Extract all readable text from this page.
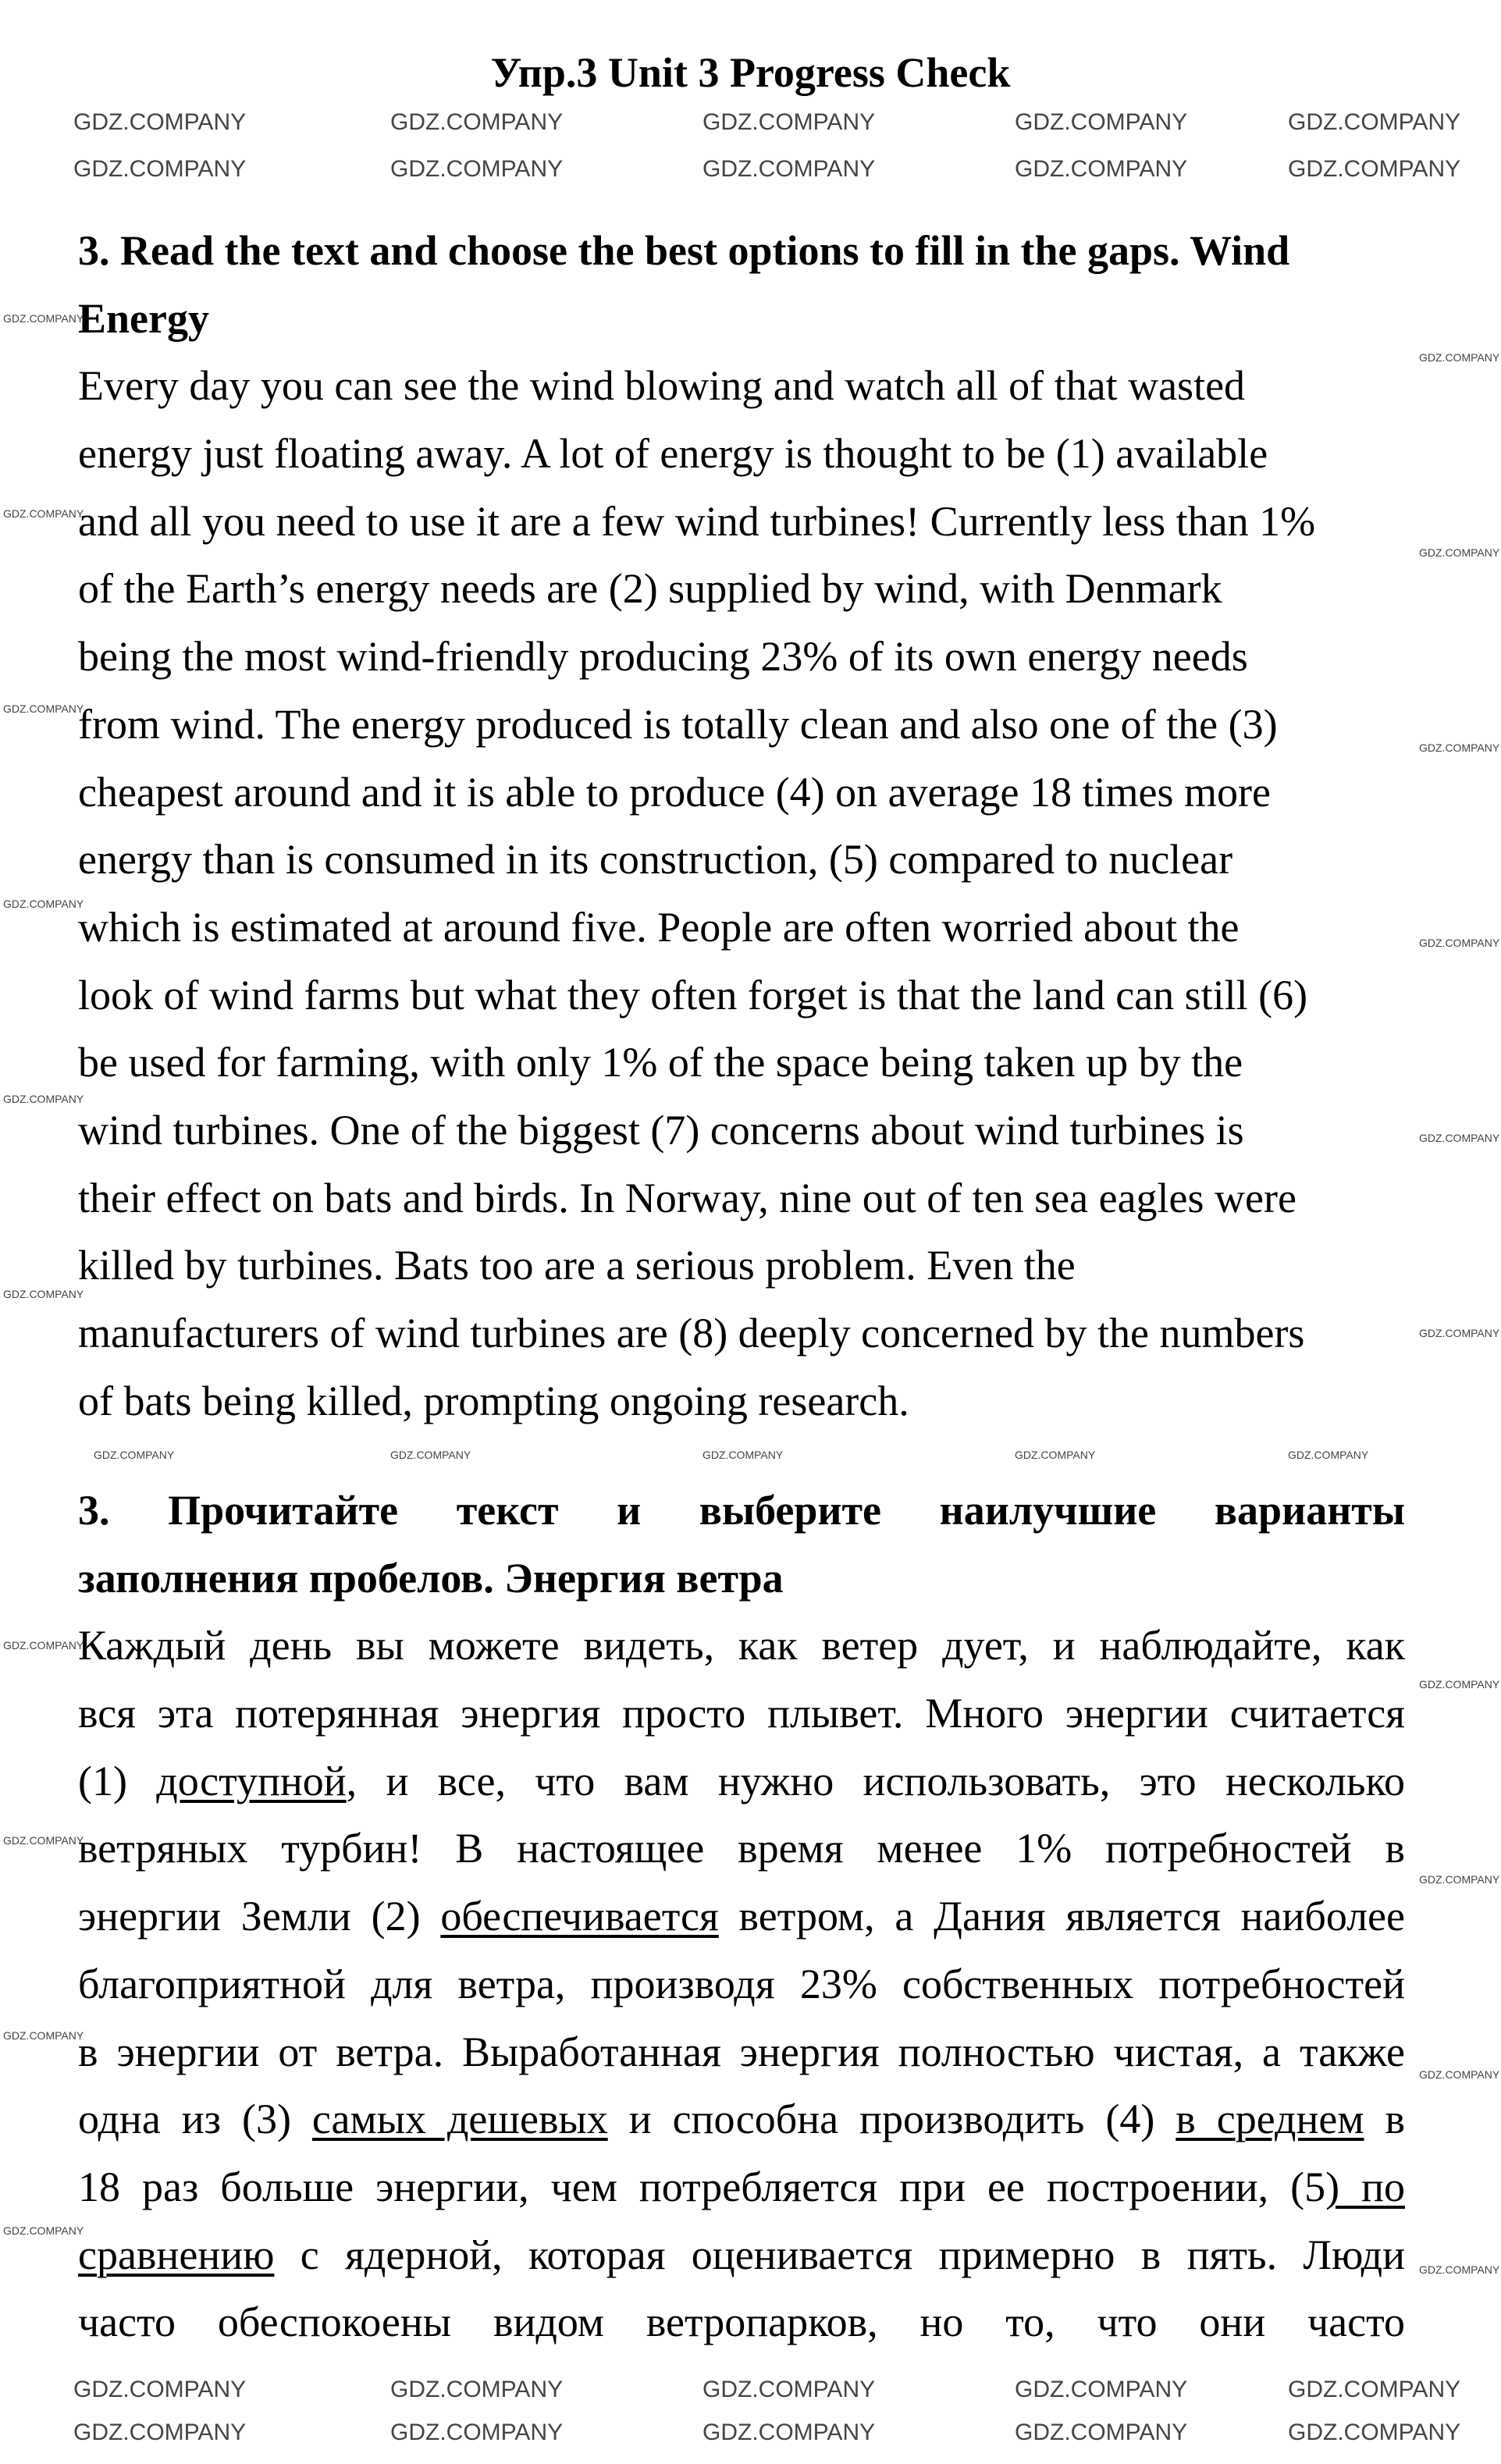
Упр.3 Unit 3 Progress Check
3. Read the text and choose the best options to fill in the gaps. Wind
Energy
Every day you can see the wind blowing and watch all of that wasted
energy just floating away. A lot of energy is thought to be (1) available
and all you need to use it are a few wind turbines! Currently less than 1%
of the Earth’s energy needs are (2) supplied by wind, with Denmark
being the most wind-friendly producing 23% of its own energy needs
from wind. The energy produced is totally clean and also one of the (3)
cheapest around and it is able to produce (4) on average 18 times more
energy than is consumed in its construction, (5) compared to nuclear
which is estimated at around five. People are often worried about the
look of wind farms but what they often forget is that the land can still (6)
be used for farming, with only 1% of the space being taken up by the
wind turbines. One of the biggest (7) concerns about wind turbines is
their effect on bats and birds. In Norway, nine out of ten sea eagles were
killed by turbines. Bats too are a serious problem. Even the
manufacturers of wind turbines are (8) deeply concerned by the numbers
of bats being killed, prompting ongoing research.
3. Прочитайте текст и выберите наилучшие варианты
заполнения пробелов. Энергия ветра
Каждый день вы можете видеть, как ветер дует, и наблюдайте, как
вся эта потерянная энергия просто плывет. Много энергии считается
(1) доступной, и все, что вам нужно использовать, это несколько
ветряных турбин! В настоящее время менее 1% потребностей в
энергии Земли (2) обеспечивается ветром, а Дания является наиболее
благоприятной для ветра, производя 23% собственных потребностей
в энергии от ветра. Выработанная энергия полностью чистая, а также
одна из (3) самых дешевых и способна производить (4) в среднем в
18 раз больше энергии, чем потребляется при ее построении, (5) по
сравнению с ядерной, которая оценивается примерно в пять. Люди
часто обеспокоены видом ветропарков, но то, что они часто
GDZ.COMPANY
GDZ.COMPANY
GDZ.COMPANY
GDZ.COMPANY
GDZ.COMPANY
GDZ.COMPANY
GDZ.COMPANY
GDZ.COMPANY
GDZ.COMPANY
GDZ.COMPANY
GDZ.COMPANY	GDZ.COMPANY	GDZ.COMPANY	GDZ.COMPANY	GDZ.COMPANY
GDZ.COMPANY
GDZ.COMPANY
GDZ.COMPANY
GDZ.COMPANY
GDZ.COMPANY
GDZ.COMPANY
GDZ.COMPANY
GDZ.COMPANY
GDZ.COMPANY
GDZ.COMPANY
GDZ.COMPANY
GDZ.COMPANY
GDZ.COMPANY
GDZ.COMPANY
GDZ.COMPANY
GDZ.COMPANY
GDZ.COMPANY
GDZ.COMPANY
GDZ.COMPANY
GDZ.COMPANY
GDZ.COMPANY
GDZ.COMPANY
GDZ.COMPANY
GDZ.COMPANY
GDZ.COMPANY
GDZ.COMPANY
GDZ.COMPANY
GDZ.COMPANY
GDZ.COMPANY
GDZ.COMPANY
